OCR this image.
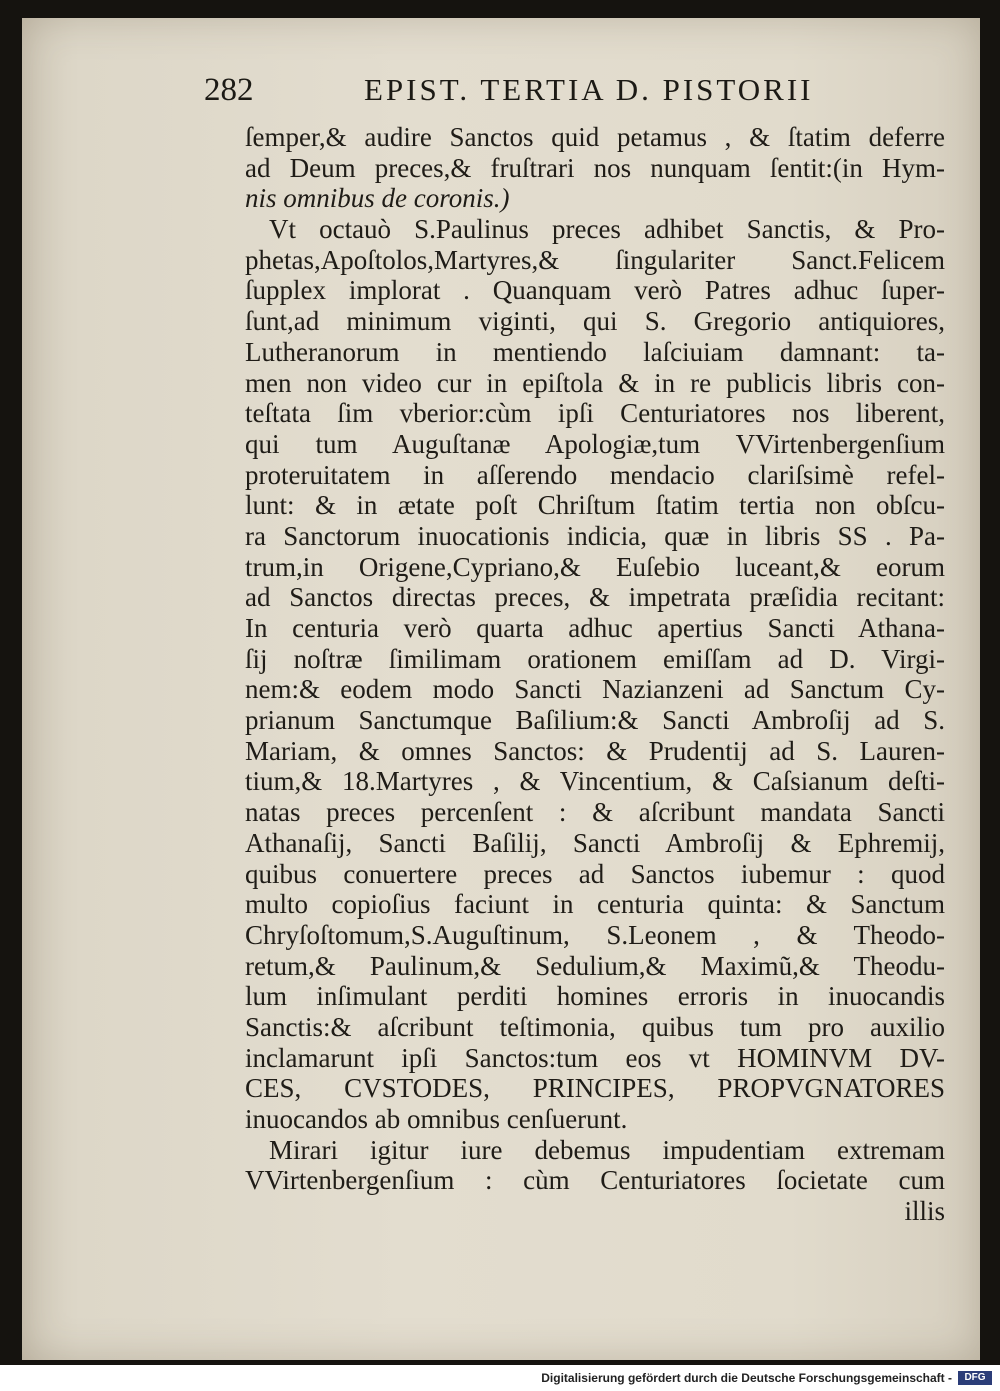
282	EPIST. TERTIA D. PISTORII
ſemper,& audire Sanctos quid petamus , & ſtatim deferre
ad Deum preces,& fruſtrari nos nunquam ſentit:(in Hym-
nis omnibus de coronis.)
Vt octauò S.Paulinus preces adhibet Sanctis, & Pro-
phetas,Apoſtolos,Martyres,& ſingulariter Sanct.Felicem
ſupplex implorat . Quanquam verò Patres adhuc ſuper-
ſunt,ad minimum viginti, qui S. Gregorio antiquiores,
Lutheranorum in mentiendo laſciuiam damnant: ta-
men non video cur in epiſtola & in re publicis libris con-
teſtata ſim vberior:cùm ipſi Centuriatores nos liberent,
qui tum Auguſtanæ Apologiæ,tum VVirtenbergenſium
proteruitatem in aſſerendo mendacio clariſsimè refel-
lunt: & in ætate poſt Chriſtum ſtatim tertia non obſcu-
ra Sanctorum inuocationis indicia, quæ in libris SS . Pa-
trum,in Origene,Cypriano,& Euſebio luceant,& eorum
ad Sanctos directas preces, & impetrata præſidia recitant:
In centuria verò quarta adhuc apertius Sancti Athana-
ſij noſtræ ſimilimam orationem emiſſam ad D. Virgi-
nem:& eodem modo Sancti Nazianzeni ad Sanctum Cy-
prianum Sanctumque Baſilium:& Sancti Ambroſij ad S.
Mariam, & omnes Sanctos: & Prudentij ad S. Lauren-
tium,& 18.Martyres , & Vincentium, & Caſsianum deſti-
natas preces percenſent : & aſcribunt mandata Sancti
Athanaſij, Sancti Baſilij, Sancti Ambroſij & Ephremij,
quibus conuertere preces ad Sanctos iubemur : quod
multo copioſius faciunt in centuria quinta: & Sanctum
Chryſoſtomum,S.Auguſtinum, S.Leonem , & Theodo-
retum,& Paulinum,& Sedulium,& Maximũ,& Theodu-
lum inſimulant perditi homines erroris in inuocandis
Sanctis:& aſcribunt teſtimonia, quibus tum pro auxilio
inclamarunt ipſi Sanctos:tum eos vt HOMINVM DV-
CES, CVSTODES, PRINCIPES, PROPVGNATORES
inuocandos ab omnibus cenſuerunt.
Mirari igitur iure debemus impudentiam extremam
VVirtenbergenſium : cùm Centuriatores ſocietate cum
illis
Digitalisierung gefördert durch die Deutsche Forschungsgemeinschaft -	DFG
